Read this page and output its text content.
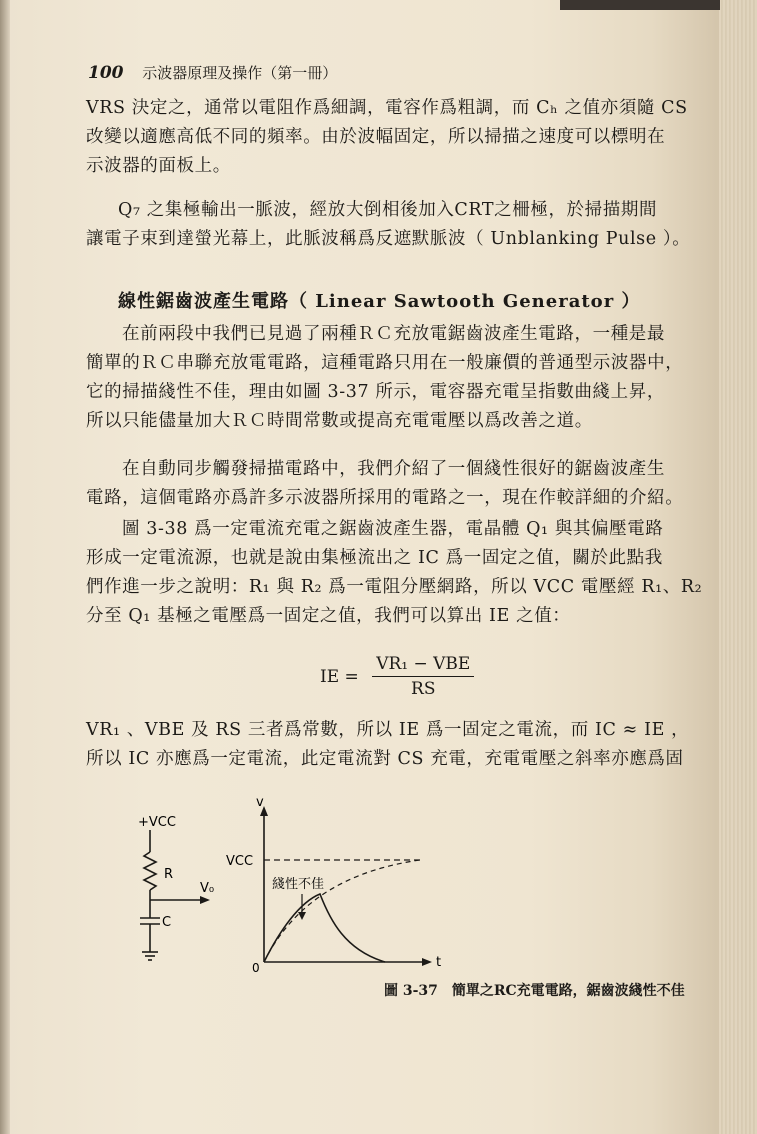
100 示波器原理及操作（第一冊）
VRS 決定之，通常以電阻作爲細調，電容作爲粗調，而 Cₕ 之值亦須隨 CS
改變以適應高低不同的頻率。由於波幅固定，所以掃描之速度可以標明在
示波器的面板上。
Q₇ 之集極輸出一脈波，經放大倒相後加入CRT之柵極，於掃描期間
讓電子束到達螢光幕上，此脈波稱爲反遮默脈波（ Unblanking Pulse ）。
線性鋸齒波產生電路（ Linear Sawtooth Generator ）
在前兩段中我們已見過了兩種ＲＣ充放電鋸齒波產生電路，一種是最
簡單的ＲＣ串聯充放電電路，這種電路只用在一般廉價的普通型示波器中，
它的掃描綫性不佳，理由如圖 3-37 所示，電容器充電呈指數曲綫上昇，
所以只能儘量加大ＲＣ時間常數或提高充電電壓以爲改善之道。
在自動同步觸發掃描電路中，我們介紹了一個綫性很好的鋸齒波產生
電路，這個電路亦爲許多示波器所採用的電路之一，現在作較詳細的介紹。
圖 3-38 爲一定電流充電之鋸齒波產生器，電晶體 Q₁ 與其偏壓電路
形成一定電流源，也就是說由集極流出之 IC 爲一固定之值，關於此點我
們作進一步之說明：R₁ 與 R₂ 爲一電阻分壓網路，所以 VCC 電壓經 R₁、R₂
分至 Q₁ 基極之電壓爲一固定之值，我們可以算出 IE 之值：
IE = $\frac{\text{VR₁ − VBE}}{RS}$
VR₁ 、VBE 及 RS 三者爲常數，所以 IE 爲一固定之電流，而 IC ≈ IE ，
所以 IC 亦應爲一定電流，此定電流對 CS 充電，充電電壓之斜率亦應爲固
+VCC
R
V₀
C
v
t
0
VCC
綫性不佳
圖 3-37　簡單之RC充電電路，鋸齒波綫性不佳
